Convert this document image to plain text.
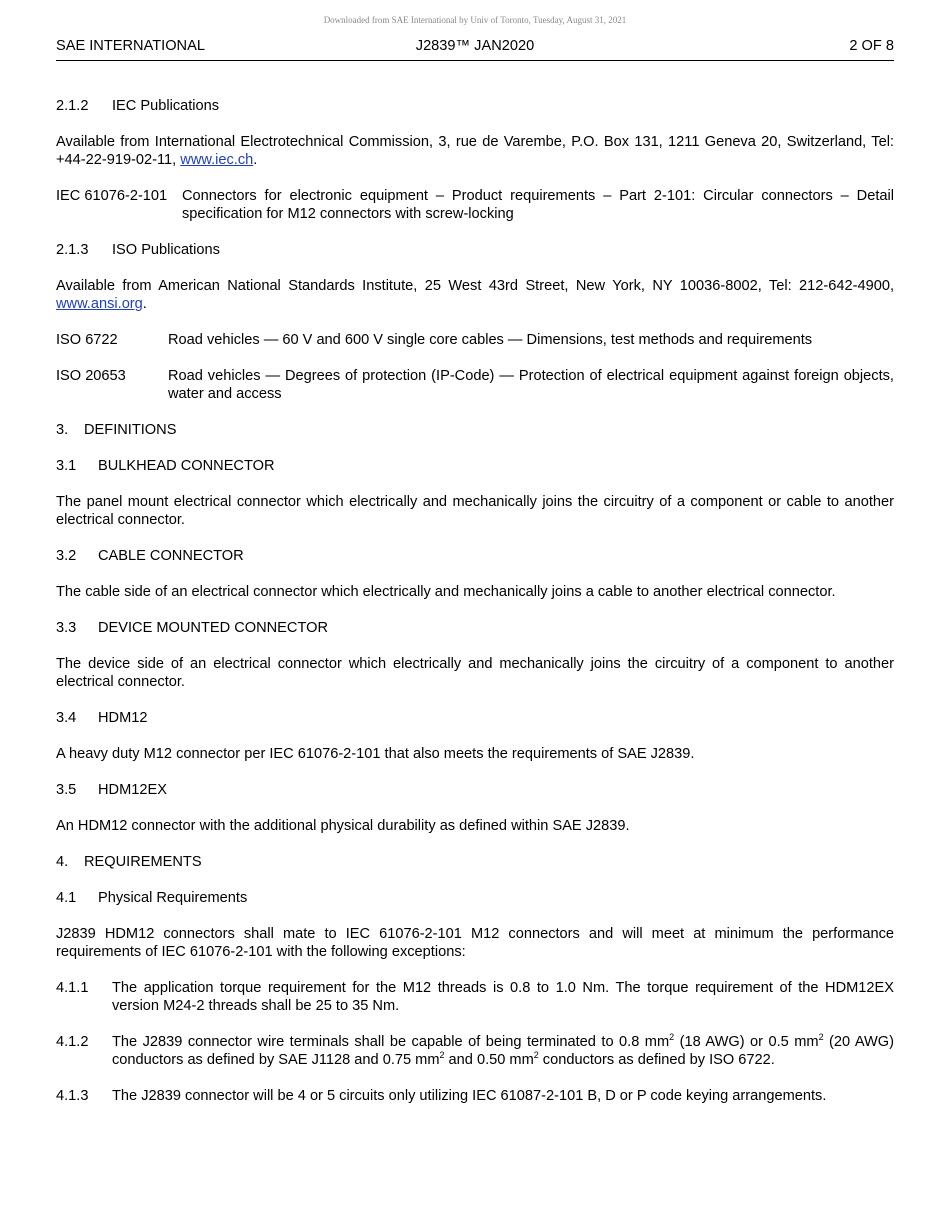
Downloaded from SAE International by Univ of Toronto, Tuesday, August 31, 2021
SAE INTERNATIONAL	J2839™ JAN2020	2 OF 8

2.1.2	IEC Publications

Available from International Electrotechnical Commission, 3, rue de Varembe, P.O. Box 131, 1211 Geneva 20, Switzerland, Tel: +44-22-919-02-11, www.iec.ch.

IEC 61076-2-101	Connectors for electronic equipment – Product requirements – Part 2-101: Circular connectors – Detail specification for M12 connectors with screw-locking

2.1.3	ISO Publications

Available from American National Standards Institute, 25 West 43rd Street, New York, NY 10036-8002, Tel: 212-642-4900, www.ansi.org.

ISO 6722	Road vehicles — 60 V and 600 V single core cables — Dimensions, test methods and requirements

ISO 20653	Road vehicles — Degrees of protection (IP-Code) — Protection of electrical equipment against foreign objects, water and access

3.	DEFINITIONS

3.1	BULKHEAD CONNECTOR

The panel mount electrical connector which electrically and mechanically joins the circuitry of a component or cable to another electrical connector.

3.2	CABLE CONNECTOR

The cable side of an electrical connector which electrically and mechanically joins a cable to another electrical connector.

3.3	DEVICE MOUNTED CONNECTOR

The device side of an electrical connector which electrically and mechanically joins the circuitry of a component to another electrical connector.

3.4	HDM12

A heavy duty M12 connector per IEC 61076-2-101 that also meets the requirements of SAE J2839.

3.5	HDM12EX

An HDM12 connector with the additional physical durability as defined within SAE J2839.

4.	REQUIREMENTS

4.1	Physical Requirements

J2839 HDM12 connectors shall mate to IEC 61076-2-101 M12 connectors and will meet at minimum the performance requirements of IEC 61076-2-101 with the following exceptions:

4.1.1	The application torque requirement for the M12 threads is 0.8 to 1.0 Nm. The torque requirement of the HDM12EX version M24-2 threads shall be 25 to 35 Nm.

4.1.2	The J2839 connector wire terminals shall be capable of being terminated to 0.8 $mm^2$ (18 AWG) or 0.5 $mm^2$ (20 AWG) conductors as defined by SAE J1128 and 0.75 $mm^2$ and 0.50 $mm^2$ conductors as defined by ISO 6722.

4.1.3	The J2839 connector will be 4 or 5 circuits only utilizing IEC 61087-2-101 B, D or P code keying arrangements.
